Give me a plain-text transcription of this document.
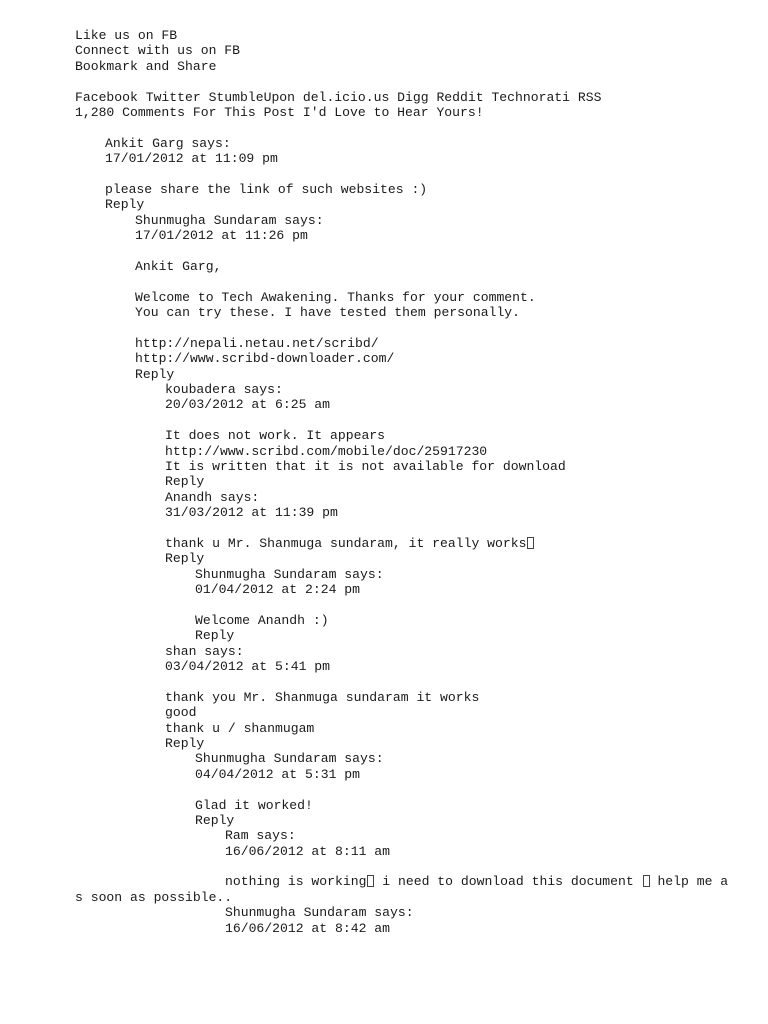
Like us on FB
Connect with us on FB
Bookmark and Share
Facebook Twitter StumbleUpon del.icio.us Digg Reddit Technorati RSS
1,280 Comments For This Post I'd Love to Hear Yours!
Ankit Garg says:
17/01/2012 at 11:09 pm
please share the link of such websites :)
Reply
Shunmugha Sundaram says:
17/01/2012 at 11:26 pm
Ankit Garg,
Welcome to Tech Awakening. Thanks for your comment.
You can try these. I have tested them personally.
http://nepali.netau.net/scribd/
http://www.scribd-downloader.com/
Reply
koubadera says:
20/03/2012 at 6:25 am
It does not work. It appears
http://www.scribd.com/mobile/doc/25917230
It is written that it is not available for download
Reply
Anandh says:
31/03/2012 at 11:39 pm
thank u Mr. Shanmuga sundaram, it really works
Reply
Shunmugha Sundaram says:
01/04/2012 at 2:24 pm
Welcome Anandh :)
Reply
shan says:
03/04/2012 at 5:41 pm
thank you Mr. Shanmuga sundaram it works
good
thank u / shanmugam
Reply
Shunmugha Sundaram says:
04/04/2012 at 5:31 pm
Glad it worked!
Reply
Ram says:
16/06/2012 at 8:11 am
nothing is working i need to download this document  help me a
s soon as possible..
Shunmugha Sundaram says:
16/06/2012 at 8:42 am
